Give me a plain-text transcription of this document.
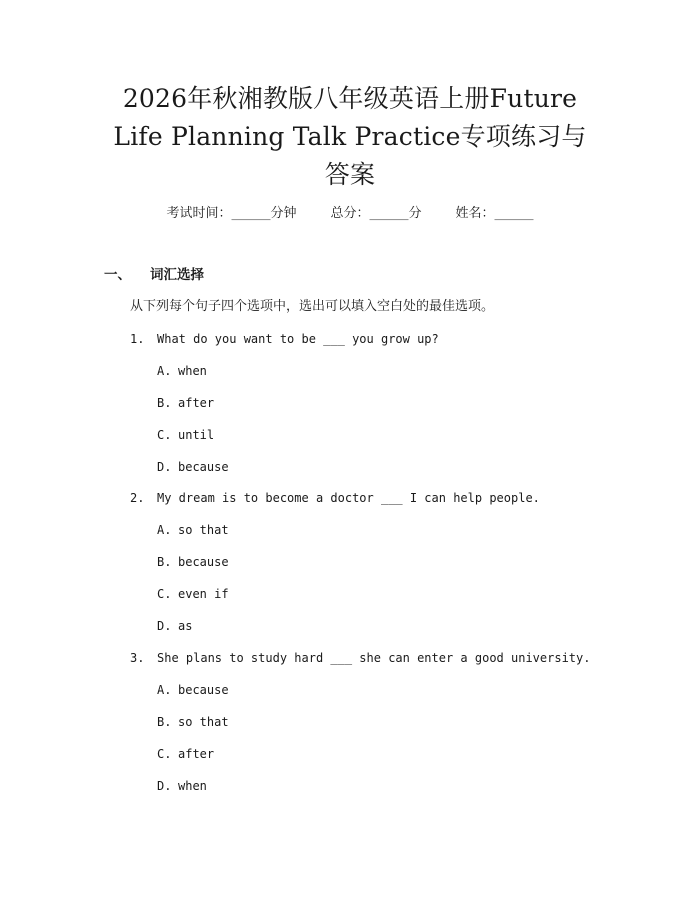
2026年秋湘教版八年级英语上册Future
Life Planning Talk Practice专项练习与
答案
考试时间：______分钟	总分：______分	姓名：______
一、 词汇选择
从下列每个句子四个选项中，选出可以填入空白处的最佳选项。
1. What do you want to be ___ you grow up?
A. when
B. after
C. until
D. because
2. My dream is to become a doctor ___ I can help people.
A. so that
B. because
C. even if
D. as
3. She plans to study hard ___ she can enter a good university.
A. because
B. so that
C. after
D. when
